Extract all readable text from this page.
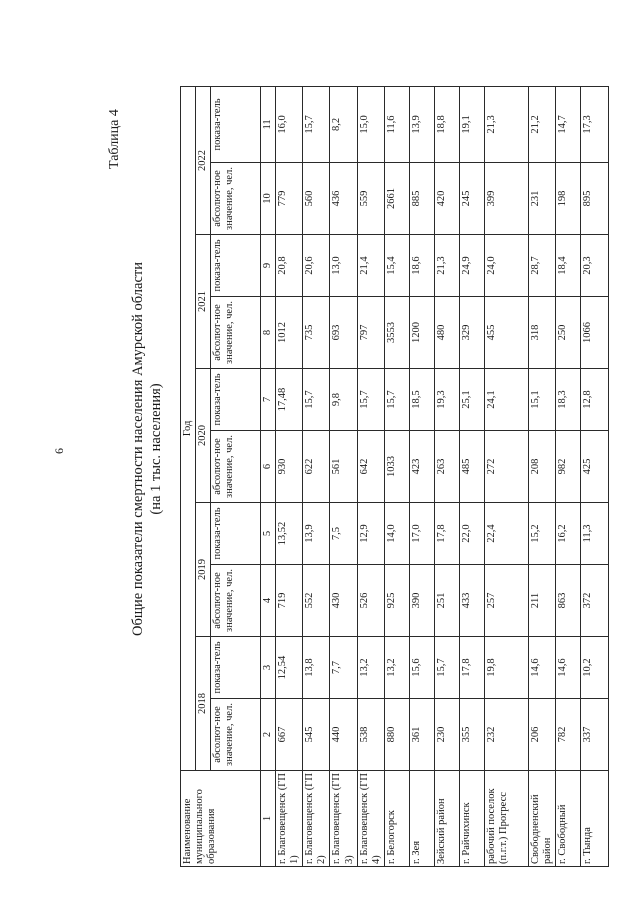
6
Таблица 4
Общие показатели смертности населения Амурской области (на 1 тыс. населения)
Наименование муниципального образования	Год									
	2018		2019		2020		2021		2022	
	абсолют-ное значение, чел.	показа-тель	абсолют-ное значение, чел.	показа-тель	абсолют-ное значение, чел.	показа-тель	абсолют-ное значение, чел.	показа-тель	абсолют-ное значение, чел.	показа-тель
1	2	3	4	5	6	7	8	9	10	11
г. Благовещенск (ГП 1)	667	12,54	719	13,52	930	17,48	1012	20,8	779	16,0
г. Благовещенск (ГП 2)	545	13,8	552	13,9	622	15,7	735	20,6	560	15,7
г. Благовещенск (ГП 3)	440	7,7	430	7,5	561	9,8	693	13,0	436	8,2
г. Благовещенск (ГП 4)	538	13,2	526	12,9	642	15,7	797	21,4	559	15,0
г. Белогорск	880	13,2	925	14,0	1033	15,7	3553	15,4	2661	11,6
г. Зея	361	15,6	390	17,0	423	18,5	1200	18,6	885	13,9
Зейский район	230	15,7	251	17,8	263	19,3	480	21,3	420	18,8
г. Райчихинск	355	17,8	433	22,0	485	25,1	329	24,9	245	19,1
рабочий поселок (п.г.т.) Прогресс	232	19,8	257	22,4	272	24,1	455	24,0	399	21,3
Свободненский район	206	14,6	211	15,2	208	15,1	318	28,7	231	21,2
г. Свободный	782	14,6	863	16,2	982	18,3	250	18,4	198	14,7
г. Тында	337	10,2	372	11,3	425	12,8	1066	20,3	895	17,3
